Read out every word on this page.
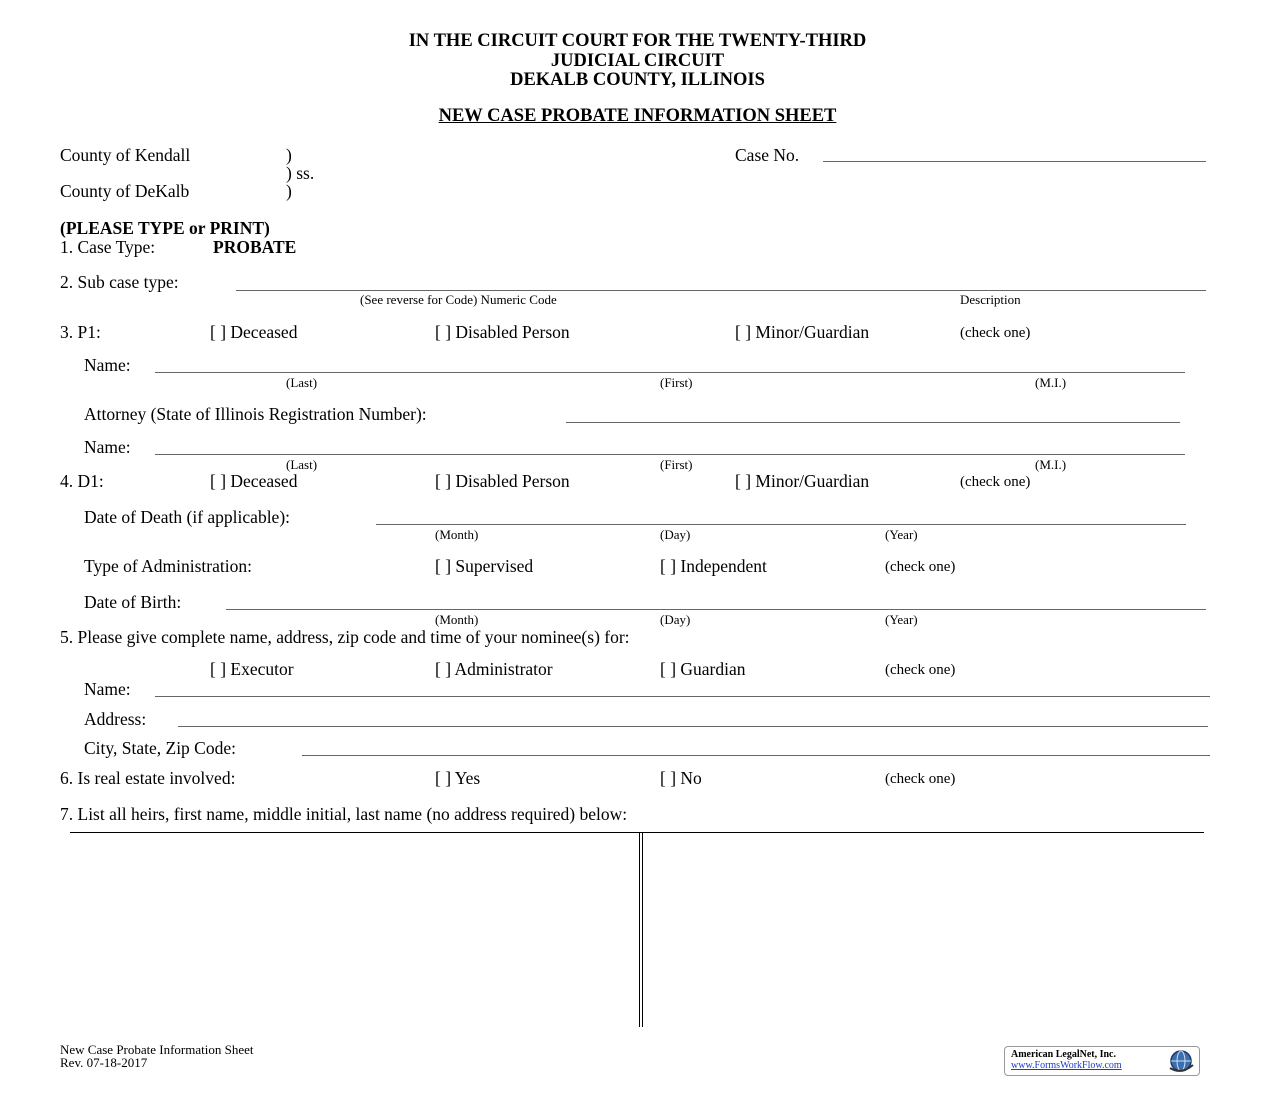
IN THE CIRCUIT COURT FOR THE TWENTY-THIRD
JUDICIAL CIRCUIT
DEKALB COUNTY, ILLINOIS
NEW CASE PROBATE INFORMATION SHEET
County of Kendall	)
) ss.
County of DeKalb	)
Case No.
(PLEASE TYPE or PRINT)
1. Case Type:	PROBATE
2. Sub case type:
(See reverse for Code) Numeric Code	Description
3. P1:	[ ] Deceased	[ ] Disabled Person	[ ] Minor/Guardian	(check one)
Name:
(Last)	(First)	(M.I.)
Attorney (State of Illinois Registration Number):
Name:
(Last)	(First)	(M.I.)
4. D1:	[ ] Deceased	[ ] Disabled Person	[ ] Minor/Guardian	(check one)
Date of Death (if applicable):
(Month)	(Day)	(Year)
Type of Administration:	[ ] Supervised	[ ] Independent	(check one)
Date of Birth:
(Month)	(Day)	(Year)
5. Please give complete name, address, zip code and time of your nominee(s) for:
[ ] Executor	[ ] Administrator	[ ] Guardian	(check one)
Name:
Address:
City, State, Zip Code:
6. Is real estate involved:	[ ] Yes	[ ] No	(check one)
7. List all heirs, first name, middle initial, last name (no address required) below:
New Case Probate Information Sheet
Rev. 07-18-2017
American LegalNet, Inc.
www.FormsWorkFlow.com
